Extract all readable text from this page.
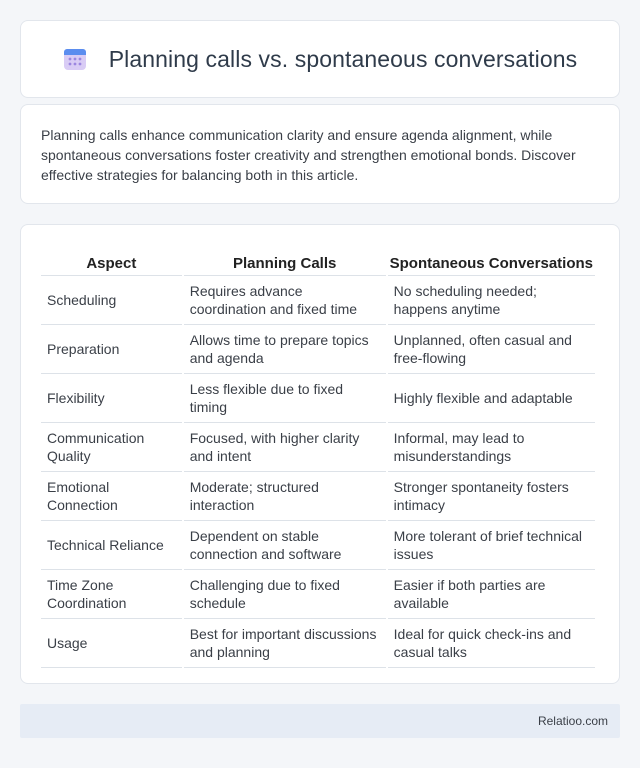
Planning calls vs. spontaneous conversations

Planning calls enhance communication clarity and ensure agenda alignment, while spontaneous conversations foster creativity and strengthen emotional bonds. Discover effective strategies for balancing both in this article.

Aspect	Planning Calls	Spontaneous Conversations
Scheduling	Requires advance coordination and fixed time	No scheduling needed; happens anytime
Preparation	Allows time to prepare topics and agenda	Unplanned, often casual and free-flowing
Flexibility	Less flexible due to fixed timing	Highly flexible and adaptable
Communication Quality	Focused, with higher clarity and intent	Informal, may lead to misunderstandings
Emotional Connection	Moderate; structured interaction	Stronger spontaneity fosters intimacy
Technical Reliance	Dependent on stable connection and software	More tolerant of brief technical issues
Time Zone Coordination	Challenging due to fixed schedule	Easier if both parties are available
Usage	Best for important discussions and planning	Ideal for quick check-ins and casual talks
Relatioo.com
